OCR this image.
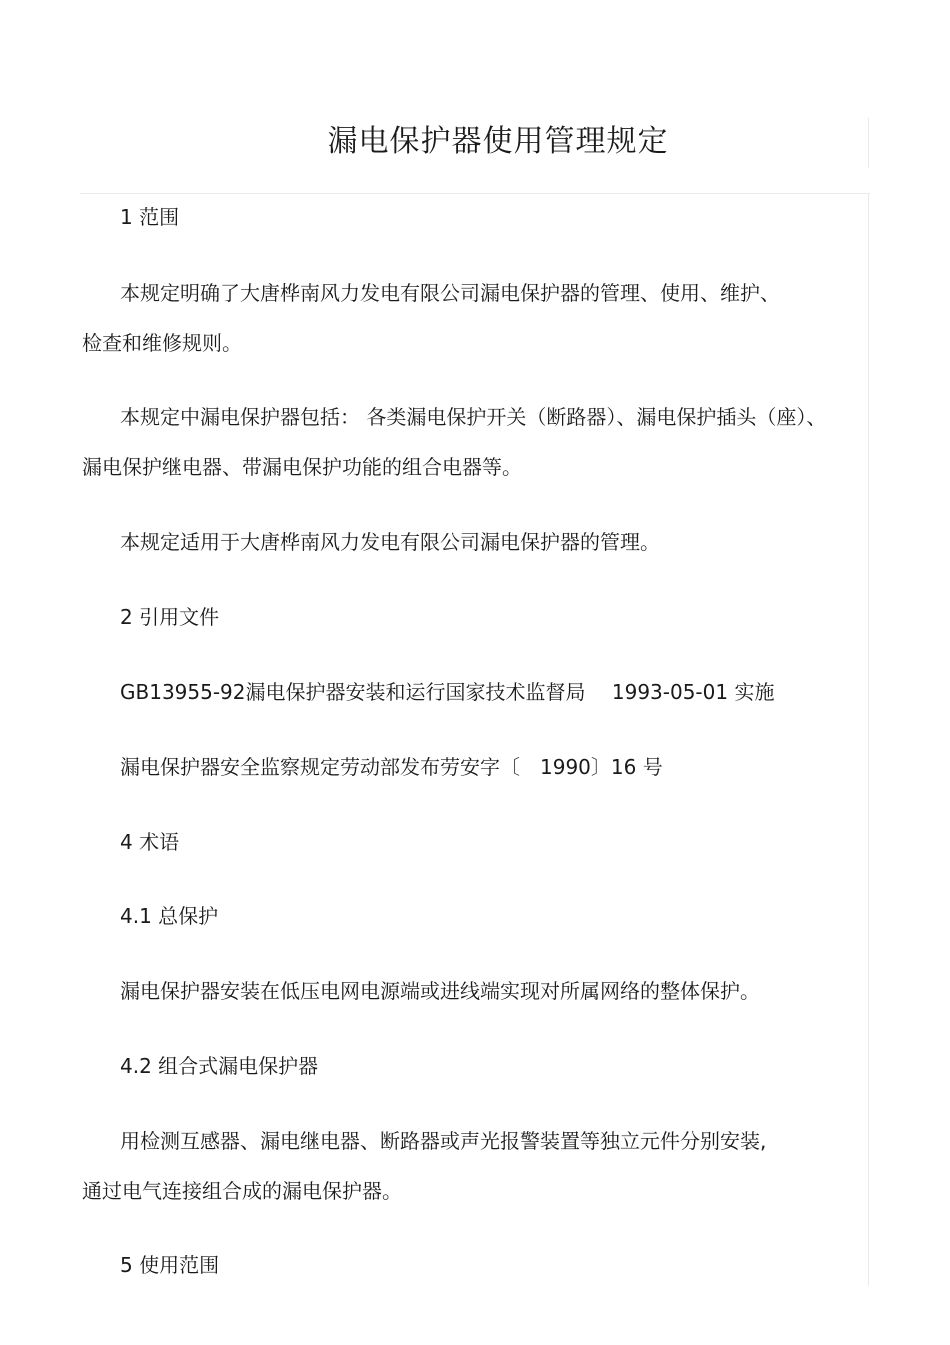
漏电保护器使用管理规定

1 范围

本规定明确了大唐桦南风力发电有限公司漏电保护器的管理、使用、维护、

检查和维修规则。

本规定中漏电保护器包括： 各类漏电保护开关（断路器）、漏电保护插头（座）、

漏电保护继电器、带漏电保护功能的组合电器等。

本规定适用于大唐桦南风力发电有限公司漏电保护器的管理。

2 引用文件

GB13955-92漏电保护器安装和运行国家技术监督局　 1993-05-01 实施

漏电保护器安全监察规定劳动部发布劳安字〔　1990〕16 号

4 术语

4.1 总保护

漏电保护器安装在低压电网电源端或进线端实现对所属网络的整体保护。

4.2 组合式漏电保护器

用检测互感器、漏电继电器、断路器或声光报警装置等独立元件分别安装,

通过电气连接组合成的漏电保护器。

5 使用范围
